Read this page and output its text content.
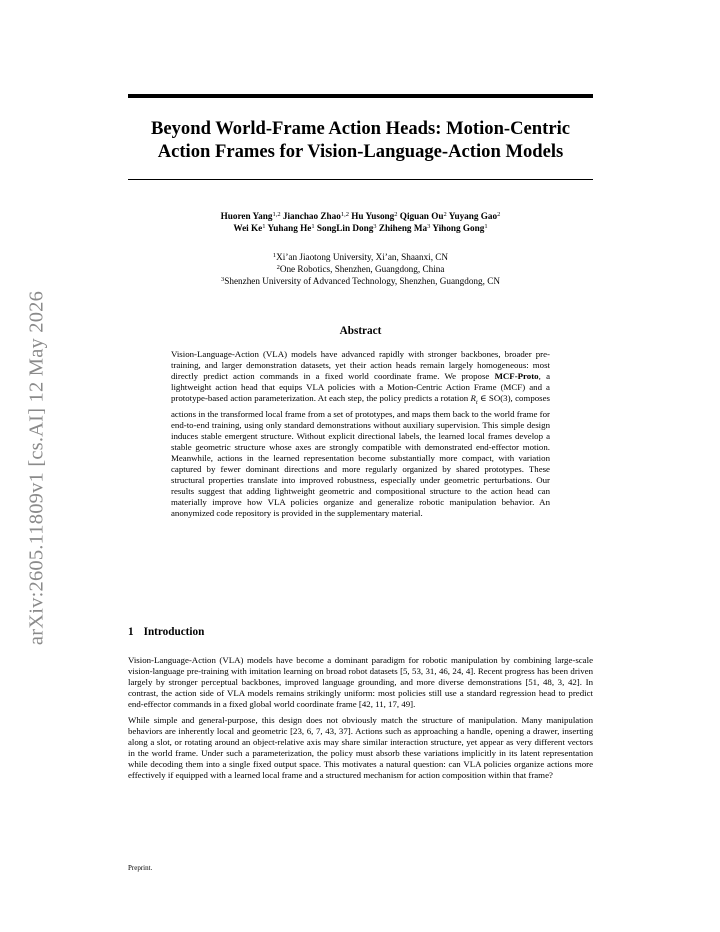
arXiv:2605.11809v1 [cs.AI] 12 May 2026
Beyond World-Frame Action Heads: Motion-Centric
Action Frames for Vision-Language-Action Models
Huoren Yang$^{1,2}$ Jianchao Zhao$^{1,2}$ Hu Yusong$^2$ Qiguan Ou$^2$ Yuyang Gao$^2$
Wei Ke$^1$ Yuhang He$^1$ SongLin Dong$^3$ Zhiheng Ma$^3$ Yihong Gong$^1$
$^1$Xi’an Jiaotong University, Xi’an, Shaanxi, CN
$^2$One Robotics, Shenzhen, Guangdong, China
$^3$Shenzhen University of Advanced Technology, Shenzhen, Guangdong, CN
Abstract
Vision-Language-Action (VLA) models have advanced rapidly with stronger backbones, broader pre-training, and larger demonstration datasets, yet their action heads remain largely homogeneous: most directly predict action commands in a fixed world coordinate frame. We propose MCF-Proto, a lightweight action head that equips VLA policies with a Motion-Centric Action Frame (MCF) and a prototype-based action parameterization. At each step, the policy predicts a rotation $R_t$ ∈ SO(3), composes actions in the transformed local frame from a set of prototypes, and maps them back to the world frame for end-to-end training, using only standard demonstrations without auxiliary supervision. This simple design induces stable emergent structure. Without explicit directional labels, the learned local frames develop a stable geometric structure whose axes are strongly compatible with demonstrated end-effector motion. Meanwhile, actions in the learned representation become substantially more compact, with variation captured by fewer dominant directions and more regularly organized by shared prototypes. These structural properties translate into improved robustness, especially under geometric perturbations. Our results suggest that adding lightweight geometric and compositional structure to the action head can materially improve how VLA policies organize and generalize robotic manipulation behavior. An anonymized code repository is provided in the supplementary material.
1 Introduction

Vision-Language-Action (VLA) models have become a dominant paradigm for robotic manipulation by combining large-scale vision-language pre-training with imitation learning on broad robot datasets [5, 53, 31, 46, 24, 4]. Recent progress has been driven largely by stronger perceptual backbones, improved language grounding, and more diverse demonstrations [51, 48, 3, 42]. In contrast, the action side of VLA models remains strikingly uniform: most policies still use a standard regression head to predict end-effector commands in a fixed global world coordinate frame [42, 11, 17, 49].

While simple and general-purpose, this design does not obviously match the structure of manipulation. Many manipulation behaviors are inherently local and geometric [23, 6, 7, 43, 37]. Actions such as approaching a handle, opening a drawer, inserting along a slot, or rotating around an object-relative axis may share similar interaction structure, yet appear as very different vectors in the world frame. Under such a parameterization, the policy must absorb these variations implicitly in its latent representation while decoding them into a single fixed output space. This motivates a natural question: can VLA policies organize actions more effectively if equipped with a learned local frame and a structured mechanism for action composition within that frame?

Preprint.
